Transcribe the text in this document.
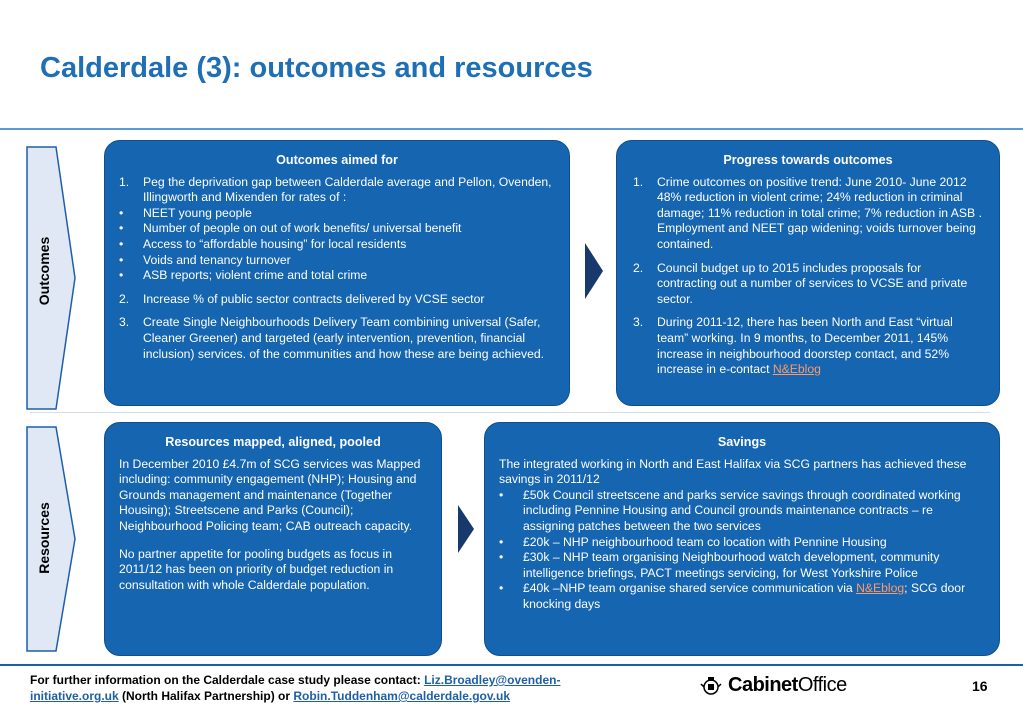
Calderdale (3): outcomes and resources
Outcomes
Resources
Outcomes aimed for
1.	Peg the deprivation gap between Calderdale average and Pellon, Ovenden, Illingworth and Mixenden for rates of :
•	NEET young people
•	Number of people on out of work benefits/ universal benefit
•	Access to “affordable housing” for local residents
•	Voids and tenancy turnover
•	ASB reports; violent crime and total crime
2.	Increase % of public sector contracts delivered by VCSE sector
3.	Create Single Neighbourhoods Delivery Team combining universal (Safer, Cleaner Greener) and targeted (early intervention, prevention, financial inclusion) services. of the communities and how these are being achieved.
Progress towards outcomes
1.	Crime outcomes on positive trend: June 2010- June 2012 48% reduction in violent crime; 24% reduction in criminal damage; 11% reduction in total crime; 7% reduction in ASB . Employment and NEET gap widening; voids turnover being contained.
2.	Council budget up to 2015 includes proposals for contracting out a number of services to VCSE and private sector.
3.	During 2011-12, there has been North and East “virtual team” working. In 9 months, to December 2011, 145% increase in neighbourhood doorstep contact, and 52% increase in e-contact N&Eblog
Resources mapped, aligned, pooled
In December 2010 £4.7m of SCG services was Mapped including: community engagement (NHP); Housing and Grounds management and maintenance (Together Housing); Streetscene and Parks (Council); Neighbourhood Policing team; CAB outreach capacity.
No partner appetite for pooling budgets as focus in 2011/12 has been on priority of budget reduction in consultation with whole Calderdale population.
Savings
The integrated working in North and East Halifax via SCG partners has achieved these savings in 2011/12
•	£50k Council streetscene and parks service savings through coordinated working including Pennine Housing and Council grounds maintenance contracts – re assigning patches between the two services
•	£20k – NHP neighbourhood team co location with Pennine Housing
•	£30k – NHP team organising Neighbourhood watch development, community intelligence briefings, PACT meetings servicing, for West Yorkshire Police
•	£40k –NHP team organise shared service communication via N&Eblog; SCG door knocking days
For further information on the Calderdale case study please contact: Liz.Broadley@ovenden-initiative.org.uk (North Halifax Partnership) or Robin.Tuddenham@calderdale.gov.uk	Cabinet Office	16
